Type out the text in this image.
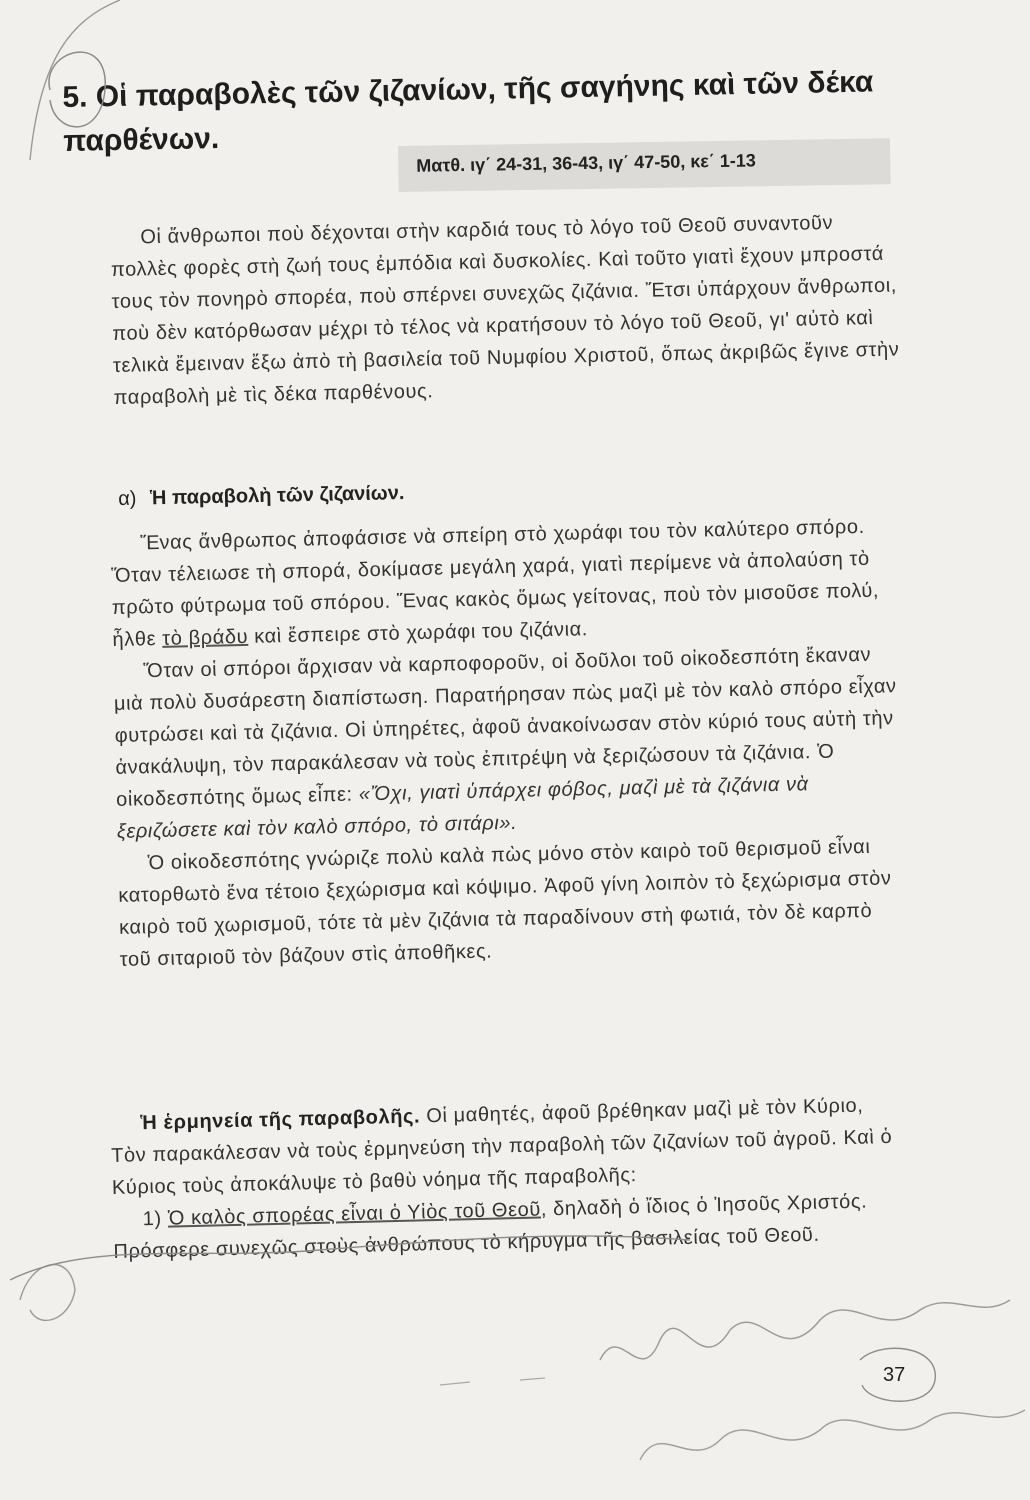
5. Οἱ παραβολὲς τῶν ζιζανίων, τῆς σαγήνης καὶ τῶν δέκα παρθένων.
Ματθ. ιγ΄ 24-31, 36-43, ιγ΄ 47-50, κε΄ 1-13

Οἱ ἄνθρωποι ποὺ δέχονται στὴν καρδιά τους τὸ λόγο τοῦ Θεοῦ συναντοῦν πολλὲς φορὲς στὴ ζωή τους ἐμπόδια καὶ δυσκολίες. Καὶ τοῦτο γιατὶ ἔχουν μπροστά τους τὸν πονηρὸ σπορέα, ποὺ σπέρνει συνεχῶς ζιζάνια. Ἔτσι ὑπάρχουν ἄνθρωποι, ποὺ δὲν κατόρθωσαν μέχρι τὸ τέλος νὰ κρατήσουν τὸ λόγο τοῦ Θεοῦ, γι' αὐτὸ καὶ τελικὰ ἔμειναν ἔξω ἀπὸ τὴ βασιλεία τοῦ Νυμφίου Χριστοῦ, ὅπως ἀκριβῶς ἔγινε στὴν παραβολὴ μὲ τὶς δέκα παρθένους.

α) Ἡ παραβολὴ τῶν ζιζανίων.

Ἕνας ἄνθρωπος ἀποφάσισε νὰ σπείρη στὸ χωράφι του τὸν καλύτερο σπόρο. Ὅταν τέλειωσε τὴ σπορά, δοκίμασε μεγάλη χαρά, γιατὶ περίμενε νὰ ἀπολαύση τὸ πρῶτο φύτρωμα τοῦ σπόρου. Ἕνας κακὸς ὅμως γείτονας, ποὺ τὸν μισοῦσε πολύ, ἦλθε τὸ βράδυ καὶ ἔσπειρε στὸ χωράφι του ζιζάνια.

Ὅταν οἱ σπόροι ἄρχισαν νὰ καρποφοροῦν, οἱ δοῦλοι τοῦ οἰκοδεσπότη ἔκαναν μιὰ πολὺ δυσάρεστη διαπίστωση. Παρατήρησαν πὼς μαζὶ μὲ τὸν καλὸ σπόρο εἶχαν φυτρώσει καὶ τὰ ζιζάνια. Οἱ ὑπηρέτες, ἀφοῦ ἀνακοίνωσαν στὸν κύριό τους αὐτὴ τὴν ἀνακάλυψη, τὸν παρακάλεσαν νὰ τοὺς ἐπιτρέψη νὰ ξεριζώσουν τὰ ζιζάνια. Ὁ οἰκοδεσπότης ὅμως εἶπε: «Ὄχι, γιατὶ ὑπάρχει φόβος, μαζὶ μὲ τὰ ζιζάνια νὰ ξεριζώσετε καὶ τὸν καλὸ σπόρο, τὸ σιτάρι».

Ὁ οἰκοδεσπότης γνώριζε πολὺ καλὰ πὼς μόνο στὸν καιρὸ τοῦ θερισμοῦ εἶναι κατορθωτὸ ἕνα τέτοιο ξεχώρισμα καὶ κόψιμο. Ἀφοῦ γίνη λοιπὸν τὸ ξεχώρισμα στὸν καιρὸ τοῦ χωρισμοῦ, τότε τὰ μὲν ζιζάνια τὰ παραδίνουν στὴ φωτιά, τὸν δὲ καρπὸ τοῦ σιταριοῦ τὸν βάζουν στὶς ἀποθῆκες.

Ἡ ἑρμηνεία τῆς παραβολῆς. Οἱ μαθητές, ἀφοῦ βρέθηκαν μαζὶ μὲ τὸν Κύριο, Τὸν παρακάλεσαν νὰ τοὺς ἑρμηνεύση τὴν παραβολὴ τῶν ζιζανίων τοῦ ἀγροῦ. Καὶ ὁ Κύριος τοὺς ἀποκάλυψε τὸ βαθὺ νόημα τῆς παραβολῆς:

1) Ὁ καλὸς σπορέας εἶναι ὁ Υἱὸς τοῦ Θεοῦ, δηλαδὴ ὁ ἴδιος ὁ Ἰησοῦς Χριστός. Πρόσφερε συνεχῶς στοὺς ἀνθρώπους τὸ κήρυγμα τῆς βασιλείας τοῦ Θεοῦ.

37
